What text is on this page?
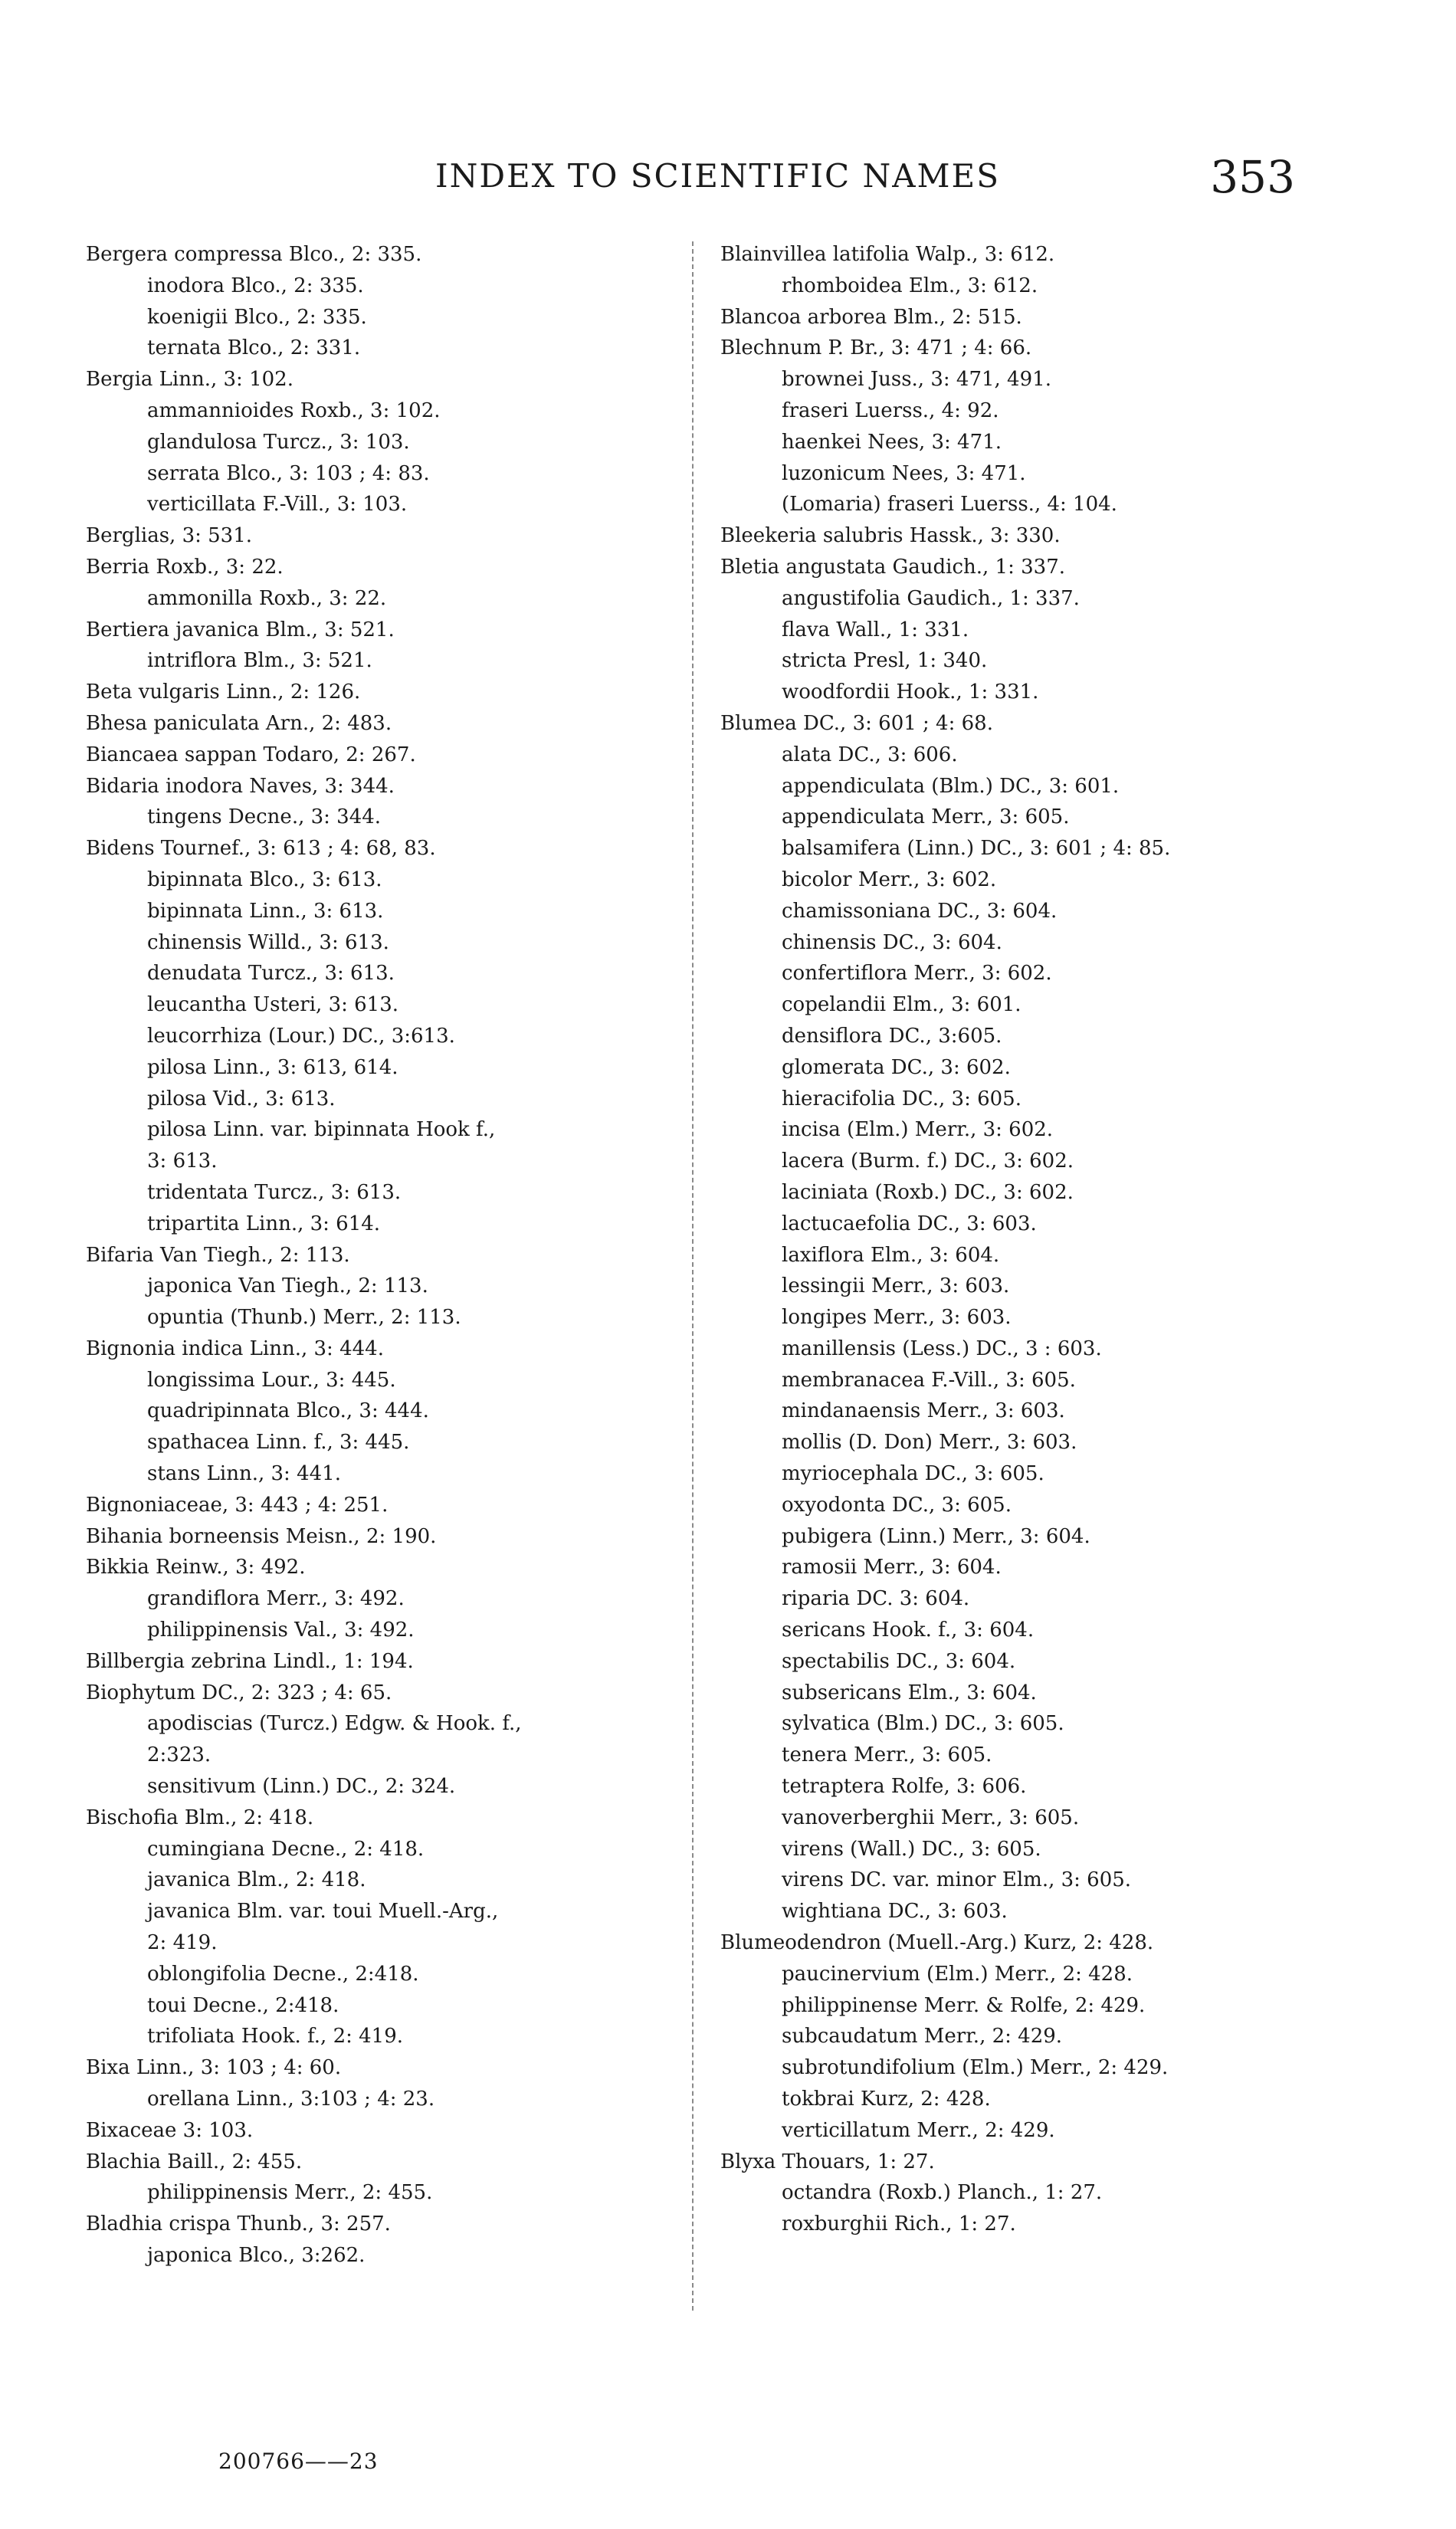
INDEX TO SCIENTIFIC NAMES	353

Bergera compressa Blco., 2: 335.

inodora Blco., 2: 335.

koenigii Blco., 2: 335.

ternata Blco., 2: 331.

Bergia Linn., 3: 102.

ammannioides Roxb., 3: 102.

glandulosa Turcz., 3: 103.

serrata Blco., 3: 103 ; 4: 83.

verticillata F.-Vill., 3: 103.

Berglias, 3: 531.

Berria Roxb., 3: 22.

ammonilla Roxb., 3: 22.

Bertiera javanica Blm., 3: 521.

intriflora Blm., 3: 521.

Beta vulgaris Linn., 2: 126.

Bhesa paniculata Arn., 2: 483.

Biancaea sappan Todaro, 2: 267.

Bidaria inodora Naves, 3: 344.

tingens Decne., 3: 344.

Bidens Tournef., 3: 613 ; 4: 68, 83.

bipinnata Blco., 3: 613.

bipinnata Linn., 3: 613.

chinensis Willd., 3: 613.

denudata Turcz., 3: 613.

leucantha Usteri, 3: 613.

leucorrhiza (Lour.) DC., 3:613.

pilosa Linn., 3: 613, 614.

pilosa Vid., 3: 613.

pilosa Linn. var. bipinnata Hook f.,

3: 613.

tridentata Turcz., 3: 613.

tripartita Linn., 3: 614.

Bifaria Van Tiegh., 2: 113.

japonica Van Tiegh., 2: 113.

opuntia (Thunb.) Merr., 2: 113.

Bignonia indica Linn., 3: 444.

longissima Lour., 3: 445.

quadripinnata Blco., 3: 444.

spathacea Linn. f., 3: 445.

stans Linn., 3: 441.

Bignoniaceae, 3: 443 ; 4: 251.

Bihania borneensis Meisn., 2: 190.

Bikkia Reinw., 3: 492.

grandiflora Merr., 3: 492.

philippinensis Val., 3: 492.

Billbergia zebrina Lindl., 1: 194.

Biophytum DC., 2: 323 ; 4: 65.

apodiscias (Turcz.) Edgw. & Hook. f.,

2:323.

sensitivum (Linn.) DC., 2: 324.

Bischofia Blm., 2: 418.

cumingiana Decne., 2: 418.

javanica Blm., 2: 418.

javanica Blm. var. toui Muell.-Arg.,

2: 419.

oblongifolia Decne., 2:418.

toui Decne., 2:418.

trifoliata Hook. f., 2: 419.

Bixa Linn., 3: 103 ; 4: 60.

orellana Linn., 3:103 ; 4: 23.

Bixaceae 3: 103.

Blachia Baill., 2: 455.

philippinensis Merr., 2: 455.

Bladhia crispa Thunb., 3: 257.

japonica Blco., 3:262.

Blainvillea latifolia Walp., 3: 612.

rhomboidea Elm., 3: 612.

Blancoa arborea Blm., 2: 515.

Blechnum P. Br., 3: 471 ; 4: 66.

brownei Juss., 3: 471, 491.

fraseri Luerss., 4: 92.

haenkei Nees, 3: 471.

luzonicum Nees, 3: 471.

(Lomaria) fraseri Luerss., 4: 104.

Bleekeria salubris Hassk., 3: 330.

Bletia angustata Gaudich., 1: 337.

angustifolia Gaudich., 1: 337.

flava Wall., 1: 331.

stricta Presl, 1: 340.

woodfordii Hook., 1: 331.

Blumea DC., 3: 601 ; 4: 68.

alata DC., 3: 606.

appendiculata (Blm.) DC., 3: 601.

appendiculata Merr., 3: 605.

balsamifera (Linn.) DC., 3: 601 ; 4: 85.

bicolor Merr., 3: 602.

chamissoniana DC., 3: 604.

chinensis DC., 3: 604.

confertiflora Merr., 3: 602.

copelandii Elm., 3: 601.

densiflora DC., 3:605.

glomerata DC., 3: 602.

hieracifolia DC., 3: 605.

incisa (Elm.) Merr., 3: 602.

lacera (Burm. f.) DC., 3: 602.

laciniata (Roxb.) DC., 3: 602.

lactucaefolia DC., 3: 603.

laxiflora Elm., 3: 604.

lessingii Merr., 3: 603.

longipes Merr., 3: 603.

manillensis (Less.) DC., 3 : 603.

membranacea F.-Vill., 3: 605.

mindanaensis Merr., 3: 603.

mollis (D. Don) Merr., 3: 603.

myriocephala DC., 3: 605.

oxyodonta DC., 3: 605.

pubigera (Linn.) Merr., 3: 604.

ramosii Merr., 3: 604.

riparia DC. 3: 604.

sericans Hook. f., 3: 604.

spectabilis DC., 3: 604.

subsericans Elm., 3: 604.

sylvatica (Blm.) DC., 3: 605.

tenera Merr., 3: 605.

tetraptera Rolfe, 3: 606.

vanoverberghii Merr., 3: 605.

virens (Wall.) DC., 3: 605.

virens DC. var. minor Elm., 3: 605.

wightiana DC., 3: 603.

Blumeodendron (Muell.-Arg.) Kurz, 2: 428.

paucinervium (Elm.) Merr., 2: 428.

philippinense Merr. & Rolfe, 2: 429.

subcaudatum Merr., 2: 429.

subrotundifolium (Elm.) Merr., 2: 429.

tokbrai Kurz, 2: 428.

verticillatum Merr., 2: 429.

Blyxa Thouars, 1: 27.

octandra (Roxb.) Planch., 1: 27.

roxburghii Rich., 1: 27.

200766——23
